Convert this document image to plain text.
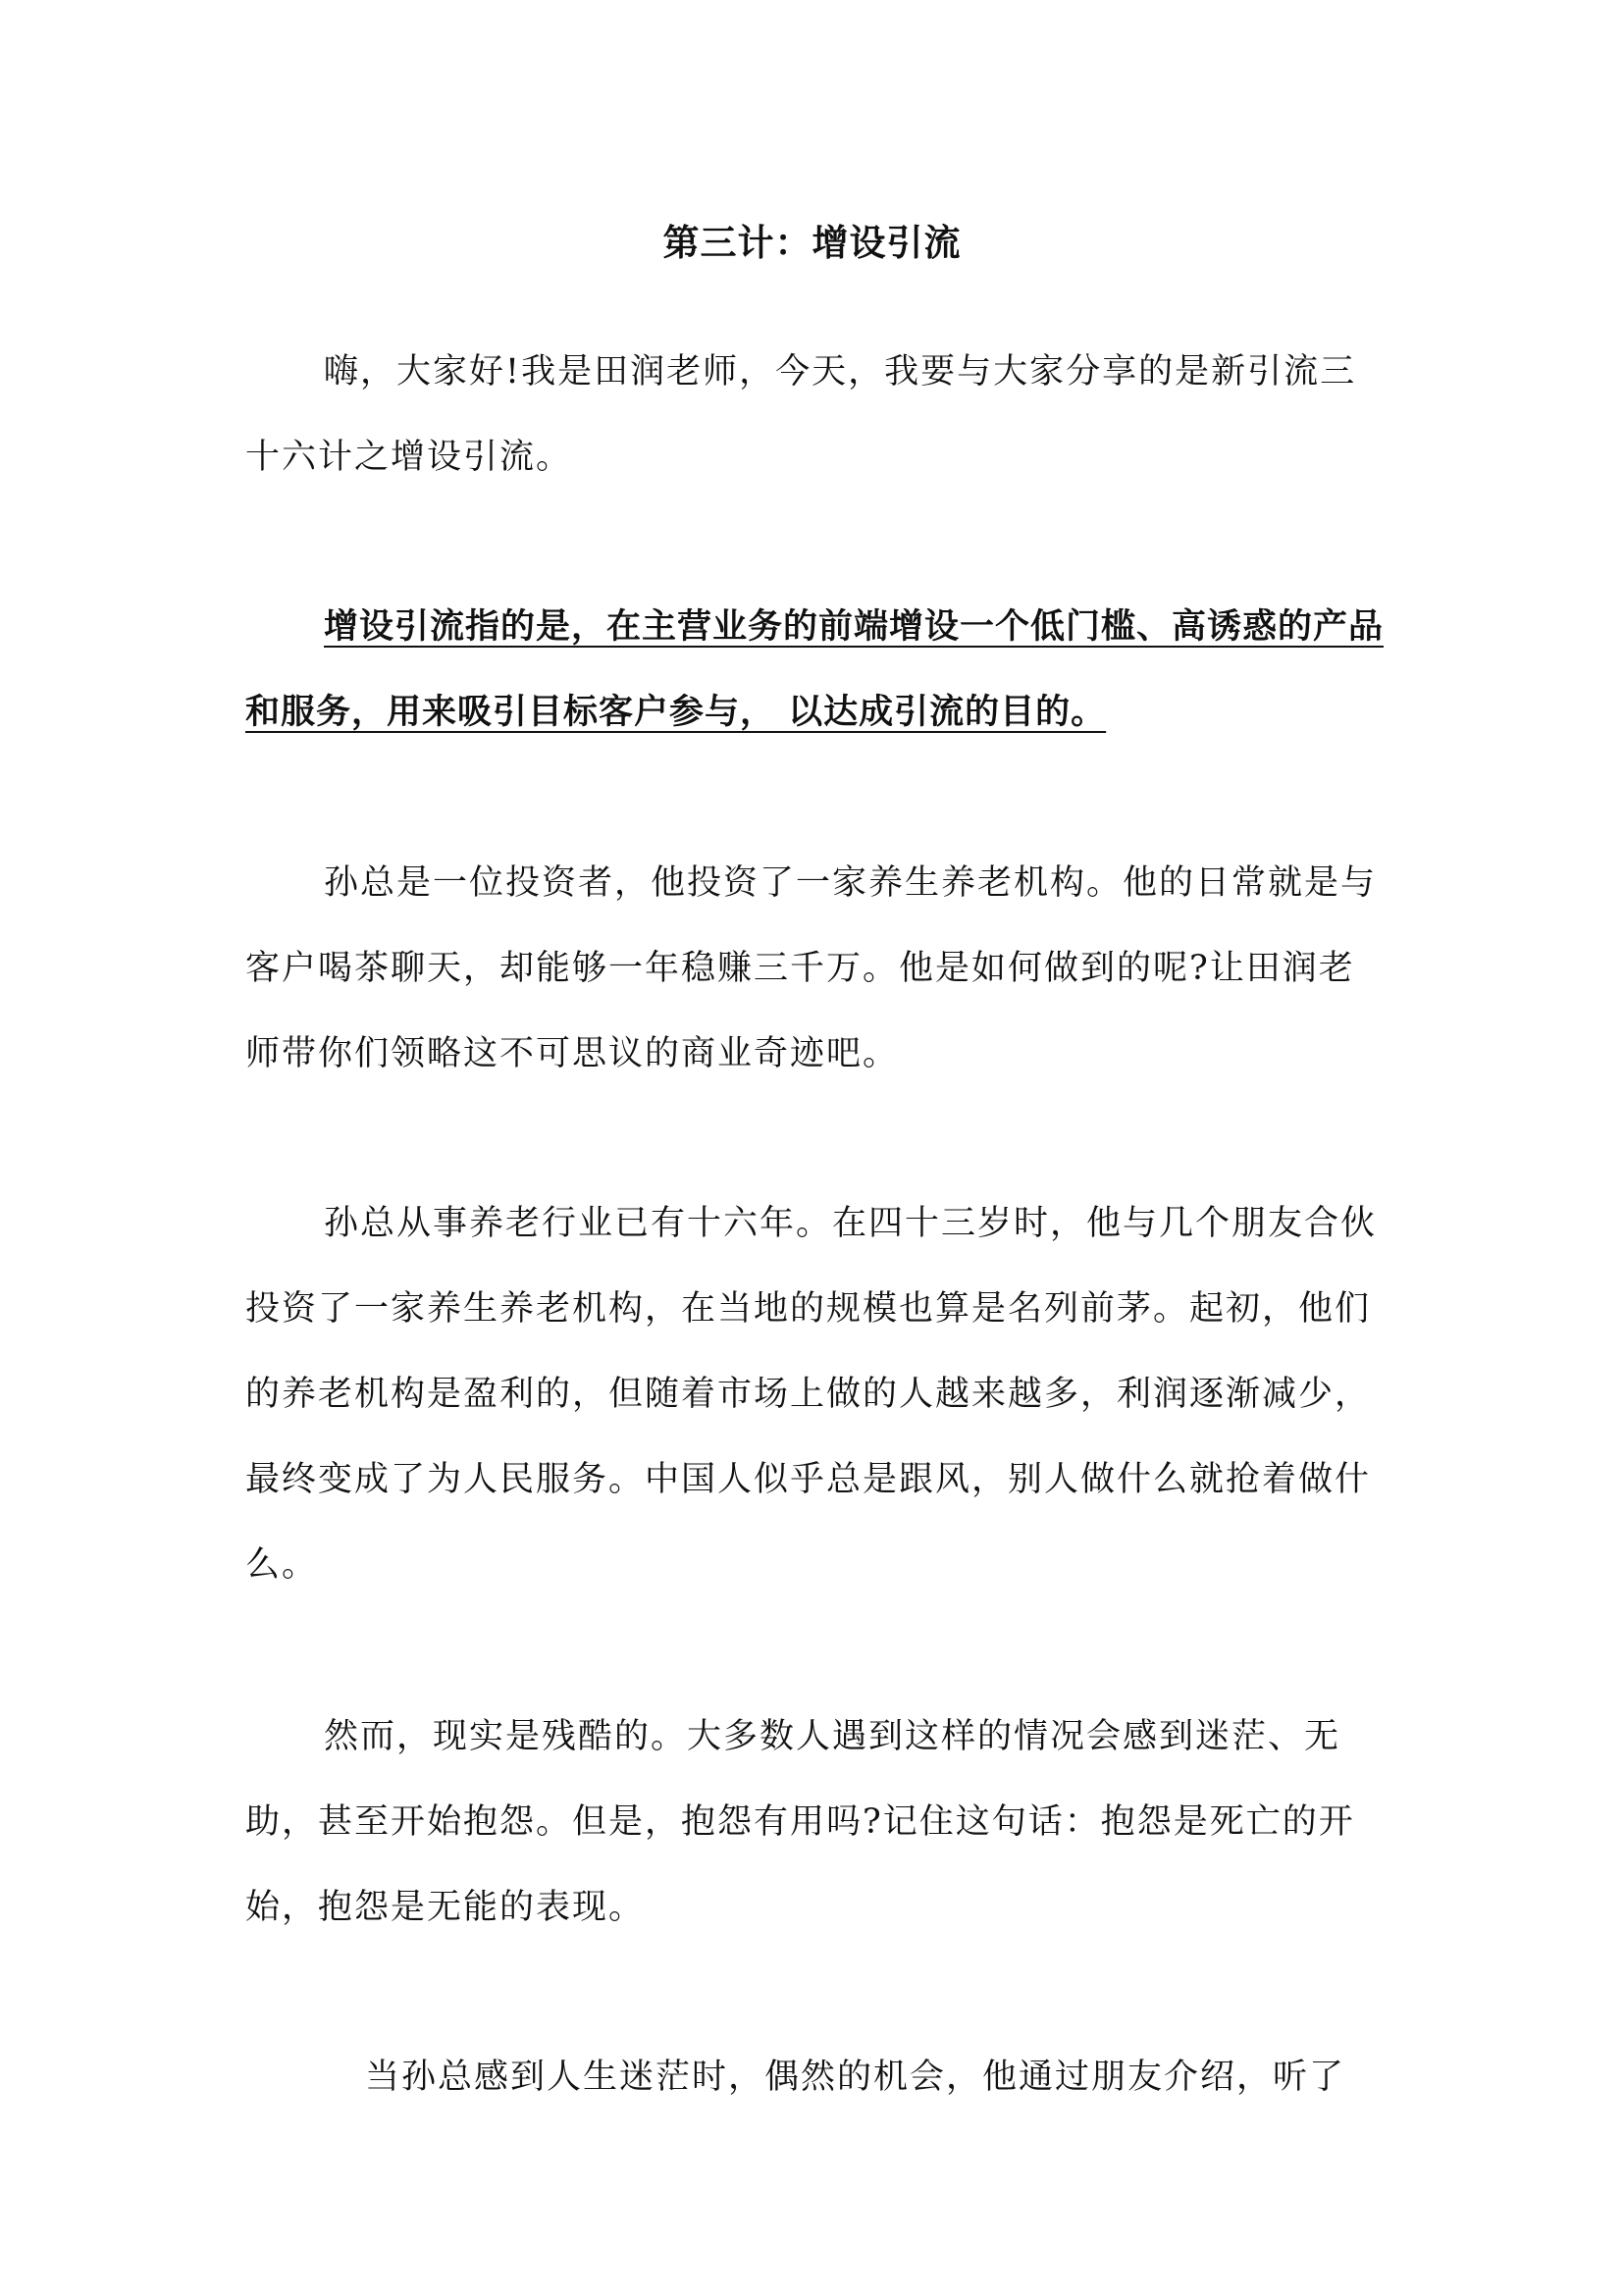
第三计：增设引流

嗨，大家好!我是田润老师，今天，我要与大家分享的是新引流三十六计之增设引流。

增设引流指的是，在主营业务的前端增设一个低门槛、高诱惑的产品和服务，用来吸引目标客户参与， 以达成引流的目的。

孙总是一位投资者，他投资了一家养生养老机构。他的日常就是与客户喝茶聊天，却能够一年稳赚三千万。他是如何做到的呢?让田润老师带你们领略这不可思议的商业奇迹吧。

孙总从事养老行业已有十六年。在四十三岁时，他与几个朋友合伙投资了一家养生养老机构，在当地的规模也算是名列前茅。起初，他们的养老机构是盈利的，但随着市场上做的人越来越多，利润逐渐减少，最终变成了为人民服务。中国人似乎总是跟风，别人做什么就抢着做什么。

然而，现实是残酷的。大多数人遇到这样的情况会感到迷茫、无助，甚至开始抱怨。但是，抱怨有用吗?记住这句话：抱怨是死亡的开始，抱怨是无能的表现。

当孙总感到人生迷茫时，偶然的机会，他通过朋友介绍，听了
